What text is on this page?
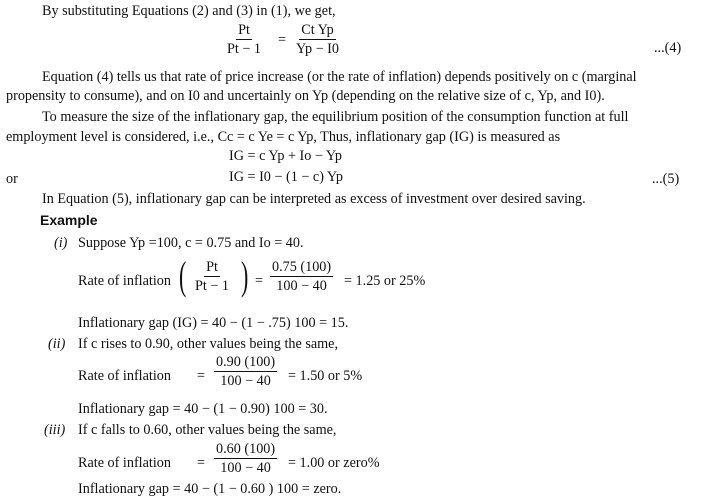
By substituting Equations (2) and (3) in (1), we get,
$\frac{Pt}{Pt - 1} = \frac{\text{Ct Yp}}{Yp - I0}$	...(4)
Equation (4) tells us that rate of price increase (or the rate of inflation) depends positively on c (marginal
propensity to consume), and on I0 and uncertainly on Yp (depending on the relative size of c, Yp, and I0).
To measure the size of the inflationary gap, the equilibrium position of the consumption function at full
employment level is considered, i.e., Cc = c Ye = c Yp, Thus, inflationary gap (IG) is measured as
IG = c Yp + Io − Yp
or	IG = I0 − (1 − c) Yp	...(5)
In Equation (5), inflationary gap can be interpreted as excess of investment over desired saving.
Example
(i) Suppose Yp =100, c = 0.75 and Io = 40.
Rate of inflation ( $\frac{Pt}{Pt - 1}$ ) = $\frac{0.75 (100)}{100 - 40} = 1.25$ or 25%
Inflationary gap (IG) = 40 − (1 − .75) 100 = 15.
(ii) If c rises to 0.90, other values being the same,
Rate of inflation = $\frac{0.90 (100)}{100 - 40} = 1.50$ or 5%
Inflationary gap = 40 − (1 − 0.90) 100 = 30.
(iii) If c falls to 0.60, other values being the same,
Rate of inflation = $\frac{0.60 (100)}{100 - 40} = 1.00$ or zero%
Inflationary gap = 40 − (1 − 0.60 ) 100 = zero.
